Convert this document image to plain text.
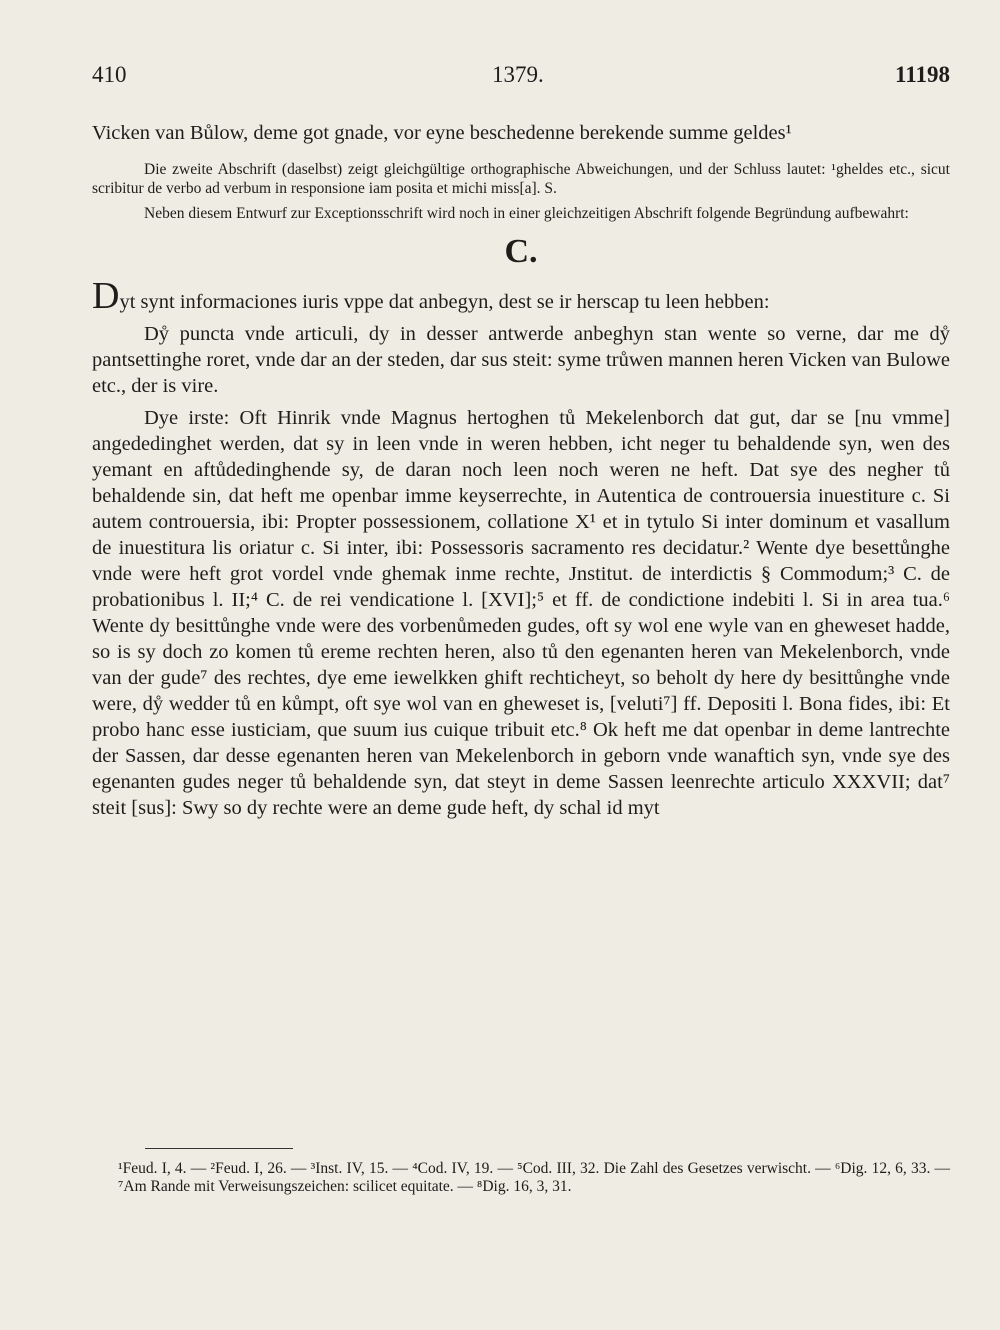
410	1379.	11198

Vicken van Bůlow, deme got gnade, vor eyne beschedenne berekende summe geldes¹

Die zweite Abschrift (daselbst) zeigt gleichgültige orthographische Abweichungen, und der Schluss lautet: ¹gheldes etc., sicut scribitur de verbo ad verbum in responsione iam posita et michi miss[a]. S.

Neben diesem Entwurf zur Exceptionsschrift wird noch in einer gleichzeitigen Abschrift folgende Begründung aufbewahrt:

C.

Dyt synt informaciones iuris vppe dat anbegyn, dest se ir herscap tu leen hebben:

Dẙ puncta vnde articuli, dy in desser antwerde anbeghyn stan wente so verne, dar me dẙ pantsettinghe roret, vnde dar an der steden, dar sus steit: syme trůwen mannen heren Vicken van Bulowe etc., der is vire.

Dye irste: Oft Hinrik vnde Magnus hertoghen tů Mekelenborch dat gut, dar se [nu vmme] angededinghet werden, dat sy in leen vnde in weren hebben, icht neger tu behaldende syn, wen des yemant en aftůdedinghende sy, de daran noch leen noch weren ne heft. Dat sye des negher tů behaldende sin, dat heft me openbar imme keyserrechte, in Autentica de controuersia inuestiture c. Si autem controuersia, ibi: Propter possessionem, collatione X¹ et in tytulo Si inter dominum et vasallum de inuestitura lis oriatur c. Si inter, ibi: Possessoris sacramento res decidatur.² Wente dye besettůnghe vnde were heft grot vordel vnde ghemak inme rechte, Jnstitut. de interdictis § Commodum;³ C. de probationibus l. II;⁴ C. de rei vendicatione l. [XVI];⁵ et ff. de condictione indebiti l. Si in area tua.⁶ Wente dy besittůnghe vnde were des vorbenůmeden gudes, oft sy wol ene wyle van en gheweset hadde, so is sy doch zo komen tů ereme rechten heren, also tů den egenanten heren van Mekelenborch, vnde van der gude⁷ des rechtes, dye eme iewelkken ghift rechticheyt, so beholt dy here dy besittůnghe vnde were, dẙ wedder tů en kůmpt, oft sye wol van en gheweset is, [veluti⁷] ff. Depositi l. Bona fides, ibi: Et probo hanc esse iusticiam, que suum ius cuique tribuit etc.⁸ Ok heft me dat openbar in deme lantrechte der Sassen, dar desse egenanten heren van Mekelenborch in geborn vnde wanaftich syn, vnde sye des egenanten gudes neger tů behaldende syn, dat steyt in deme Sassen leenrechte articulo XXXVII; dat⁷ steit [sus]: Swy so dy rechte were an deme gude heft, dy schal id myt

¹Feud. I, 4. — ²Feud. I, 26. — ³Inst. IV, 15. — ⁴Cod. IV, 19. — ⁵Cod. III, 32. Die Zahl des Gesetzes verwischt. — ⁶Dig. 12, 6, 33. — ⁷Am Rande mit Verweisungszeichen: scilicet equitate. — ⁸Dig. 16, 3, 31.
